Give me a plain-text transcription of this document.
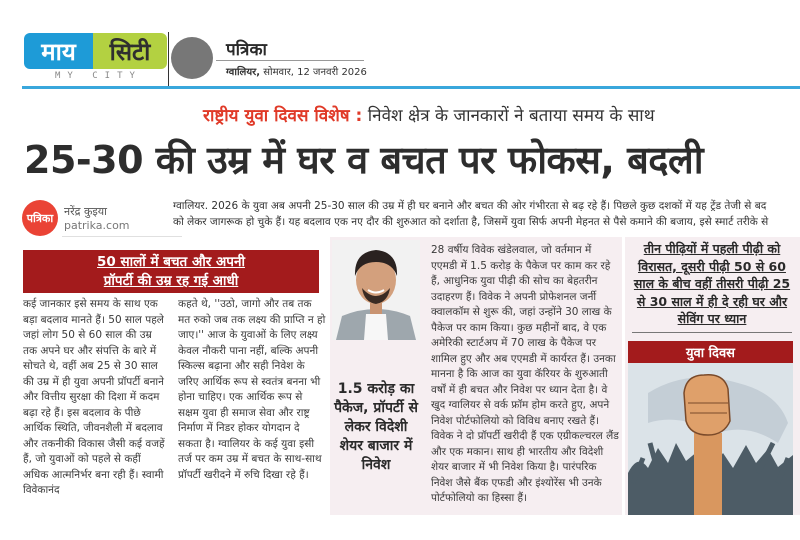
माय	सिटी
MY CITY
पत्रिका
ग्वालियर, सोमवार, 12 जनवरी 2026
राष्ट्रीय युवा दिवस विशेष : निवेश क्षेत्र के जानकारों ने बताया समय के साथ
25-30 की उम्र में घर व बचत पर फोकस, बदली
पत्रिका नरेंद्र कुइया
patrika.com
ग्वालियर. 2026 के युवा अब अपनी 25-30 साल की उम्र में ही घर बनाने और बचत की ओर गंभीरता से बढ़ रहे हैं। पिछले कुछ दशकों में यह ट्रेंड तेजी से बद
को लेकर जागरूक हो चुके हैं। यह बदलाव एक नए दौर की शुरुआत को दर्शाता है, जिसमें युवा सिर्फ अपनी मेहनत से पैसे कमाने की बजाय, इसे स्मार्ट तरीके से
50 सालों में बचत और अपनी
प्रॉपर्टी की उम्र रह गई आधी
कई जानकार इसे समय के साथ एक बड़ा बदलाव मानते हैं। 50 साल पहले जहां लोग 50 से 60 साल की उम्र तक अपने घर और संपत्ति के बारे में सोचते थे, वहीं अब 25 से 30 साल की उम्र में ही युवा अपनी प्रॉपर्टी बनाने और वित्तीय सुरक्षा की दिशा में कदम बढ़ा रहे हैं। इस बदलाव के पीछे आर्थिक स्थिति, जीवनशैली में बदलाव और तकनीकी विकास जैसी कई वजहें हैं, जो युवाओं को पहले से कहीं अधिक आत्मनिर्भर बना रही हैं। स्वामी विवेकानंद
कहते थे, ''उठो, जागो और तब तक मत रुको जब तक लक्ष्य की प्राप्ति न हो जाए।'' आज के युवाओं के लिए लक्ष्य केवल नौकरी पाना नहीं, बल्कि अपनी स्किल्स बढ़ाना और सही निवेश के जरिए आर्थिक रूप से स्वतंत्र बनना भी होना चाहिए। एक आर्थिक रूप से सक्षम युवा ही समाज सेवा और राष्ट्र निर्माण में निडर होकर योगदान दे सकता है। ग्वालियर के कई युवा इसी तर्ज पर कम उम्र में बचत के साथ-साथ प्रॉपर्टी खरीदने में रुचि दिखा रहे हैं।
1.5 करोड़ का पैकेज, प्रॉपर्टी से लेकर विदेशी शेयर बाजार में निवेश
28 वर्षीय विवेक खंडेलवाल, जो वर्तमान में एएमडी में 1.5 करोड़ के पैकेज पर काम कर रहे हैं, आधुनिक युवा पीढ़ी की सोच का बेहतरीन उदाहरण हैं। विवेक ने अपनी प्रोफेशनल जर्नी क्वालकॉम से शुरू की, जहां उन्होंने 30 लाख के पैकेज पर काम किया। कुछ महीनों बाद, वे एक अमेरिकी स्टार्टअप में 70 लाख के पैकेज पर शामिल हुए और अब एएमडी में कार्यरत हैं। उनका मानना है कि आज का युवा कॅरियर के शुरुआती वर्षों में ही बचत और निवेश पर ध्यान देता है। वे खुद ग्वालियर से वर्क फ्रॉम होम करते हुए, अपने निवेश पोर्टफोलियो को विविध बनाए रखते हैं। विवेक ने दो प्रॉपर्टी खरीदी हैं एक एग्रीकल्चरल लैंड और एक मकान। साथ ही भारतीय और विदेशी शेयर बाजार में भी निवेश किया है। पारंपरिक निवेश जैसे बैंक एफडी और इंश्योरेंस भी उनके पोर्टफोलियो का हिस्सा हैं।
तीन पीढ़ियों में पहली पीढ़ी को विरासत, दूसरी पीढ़ी 50 से 60 साल के बीच वहीं तीसरी पीढ़ी 25 से 30 साल में ही दे रही घर और सेविंग पर ध्यान
युवा दिवस
